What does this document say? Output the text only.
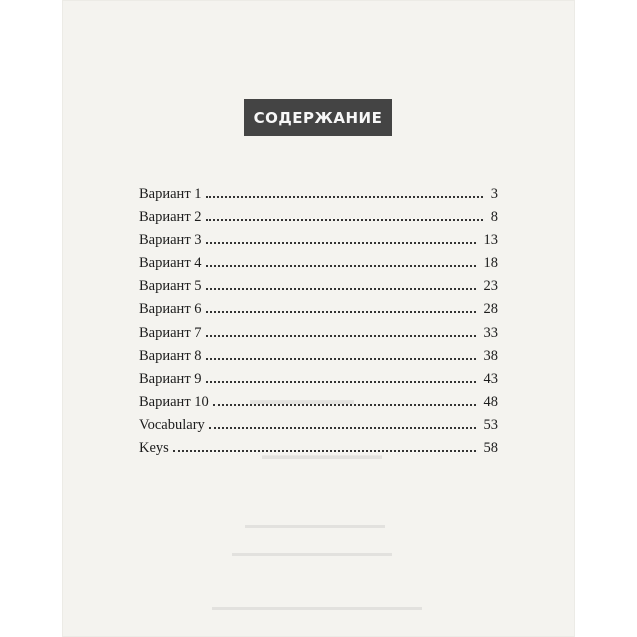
▬▬▬▬▬▬▬▬
▬▬▬▬▬▬▬▬▬▬
▬▬▬▬▬▬▬▬▬▬▬▬▬▬
▬▬▬▬▬▬▬▬▬▬▬▬▬▬▬▬
▬▬▬▬▬▬▬▬▬▬▬▬▬▬▬▬▬▬▬▬▬
СОДЕРЖАНИЕ
Вариант 1	3
Вариант 2	8
Вариант 3	13
Вариант 4	18
Вариант 5	23
Вариант 6	28
Вариант 7	33
Вариант 8	38
Вариант 9	43
Вариант 10	48
Vocabulary	53
Keys	58
